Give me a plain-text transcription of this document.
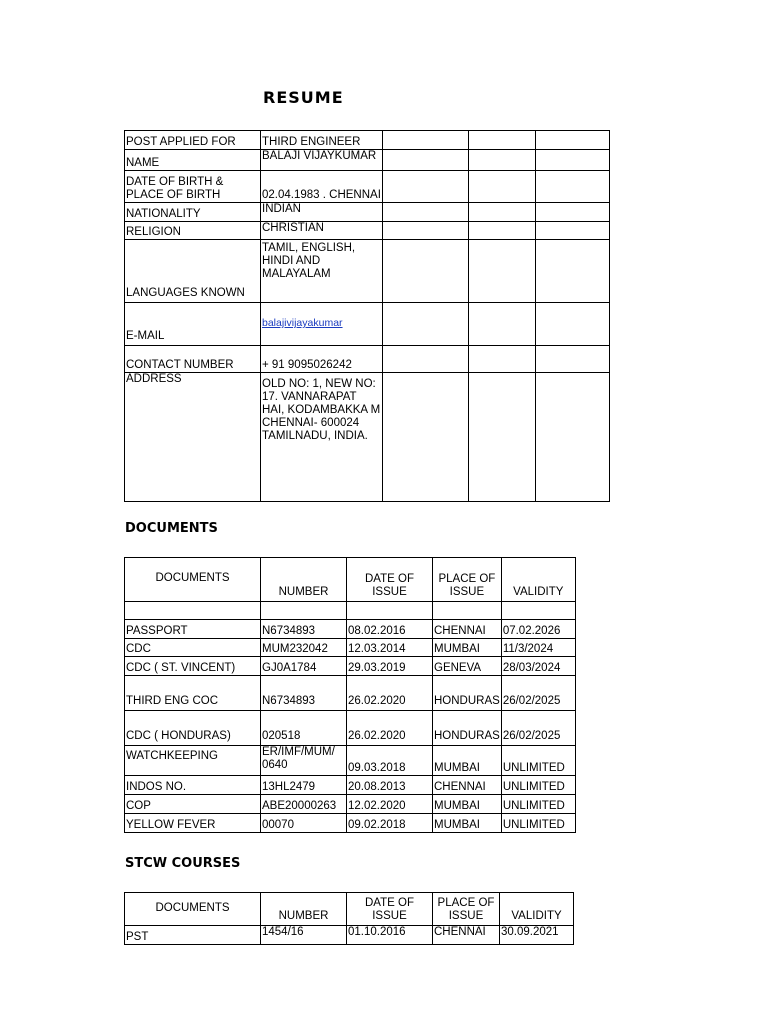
RESUME
POST APPLIED FOR	THIRD ENGINEER			
NAME	BALAJI VIJAYKUMAR			
DATE OF BIRTH & PLACE OF BIRTH	02.04.1983 . CHENNAI			
NATIONALITY	INDIAN			
RELIGION	CHRISTIAN			
LANGUAGES KNOWN	TAMIL, ENGLISH, HINDI AND MALAYALAM			
E-MAIL	balajivijayakumar			
CONTACT NUMBER	+ 91 9095026242			
ADDRESS	OLD NO: 1, NEW NO: 17. VANNARAPAT HAI, KODAMBAKKA M CHENNAI- 600024 TAMILNADU, INDIA.			
DOCUMENTS
DOCUMENTS	NUMBER	DATE OF ISSUE	PLACE OF ISSUE	VALIDITY

PASSPORT	N6734893	08.02.2016	CHENNAI	07.02.2026
CDC	MUM232042	12.03.2014	MUMBAI	11/3/2024
CDC ( ST. VINCENT)	GJ0A1784	29.03.2019	GENEVA	28/03/2024
THIRD ENG COC	N6734893	26.02.2020	HONDURAS	26/02/2025
CDC ( HONDURAS)	020518	26.02.2020	HONDURAS	26/02/2025
WATCHKEEPING	ER/IMF/MUM/ 0640	09.03.2018	MUMBAI	UNLIMITED
INDOS NO.	13HL2479	20.08.2013	CHENNAI	UNLIMITED
COP	ABE20000263	12.02.2020	MUMBAI	UNLIMITED
YELLOW FEVER	00070	09.02.2018	MUMBAI	UNLIMITED
STCW COURSES
DOCUMENTS	NUMBER	DATE OF ISSUE	PLACE OF ISSUE	VALIDITY
PST	1454/16	01.10.2016	CHENNAI	30.09.2021
